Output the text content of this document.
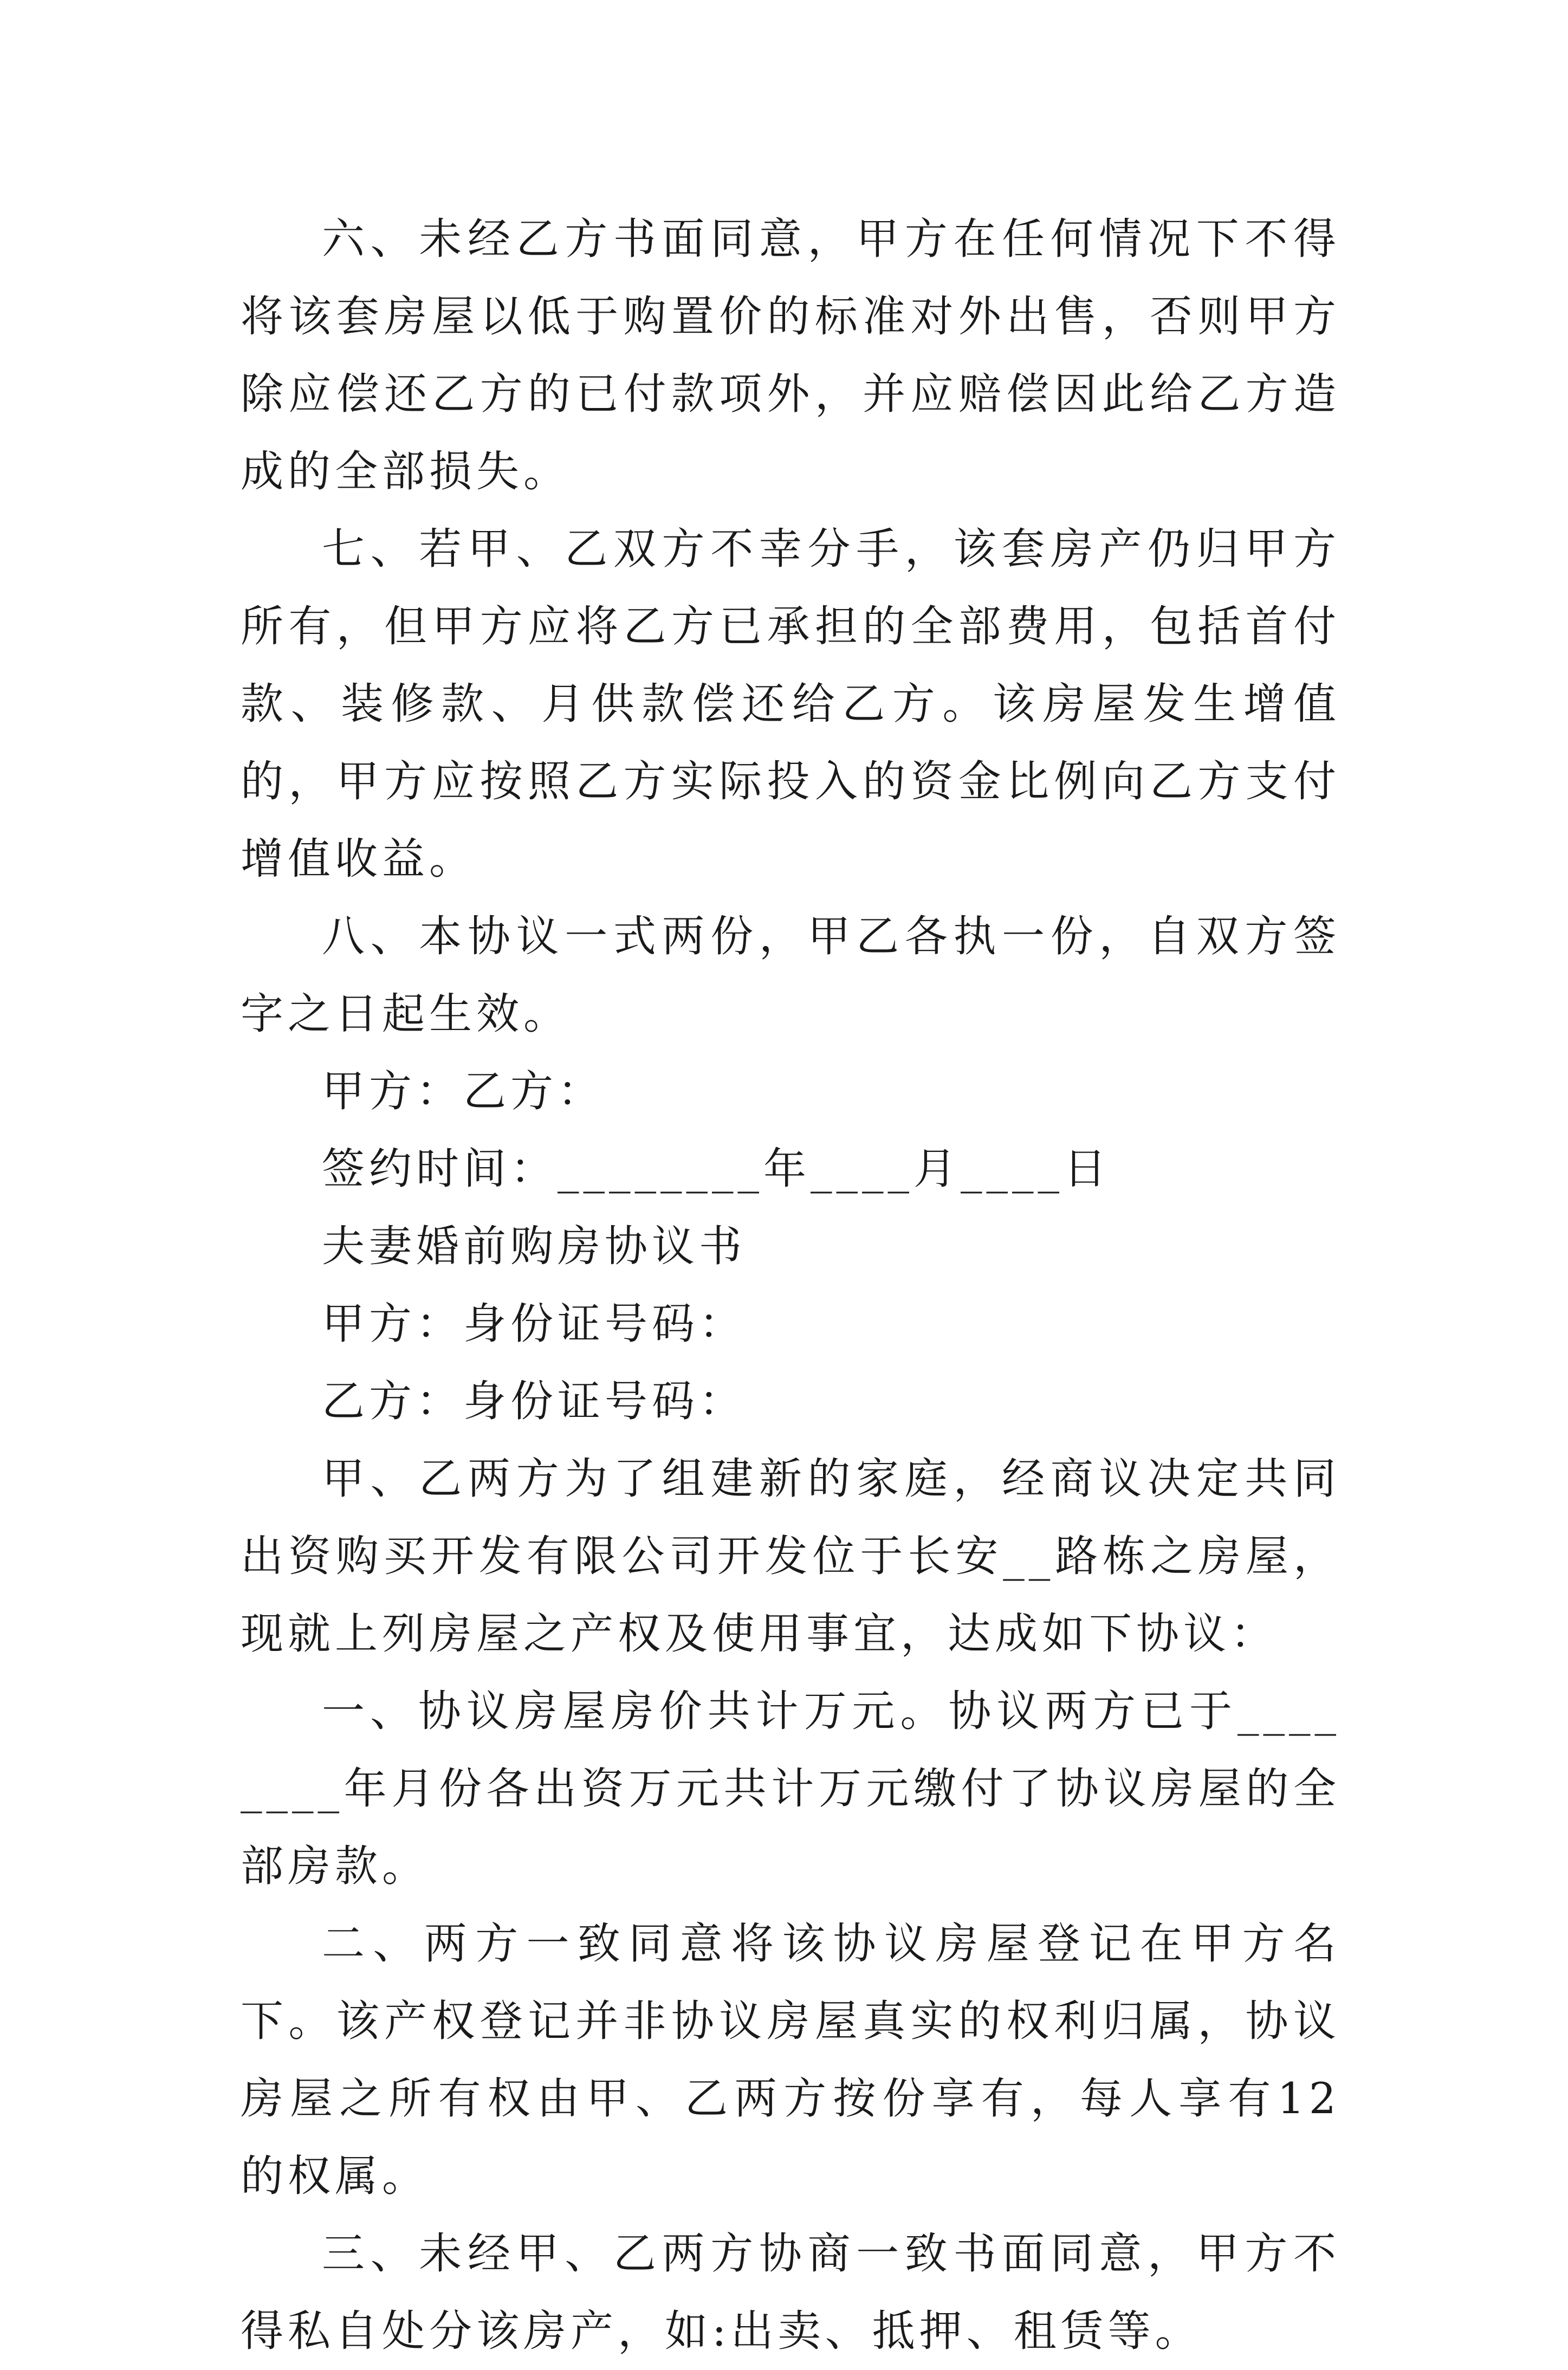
六、未经乙方书面同意，甲方在任何情况下不得将该套房屋以低于购置价的标准对外出售，否则甲方除应偿还乙方的已付款项外，并应赔偿因此给乙方造成的全部损失。

七、若甲、乙双方不幸分手，该套房产仍归甲方所有，但甲方应将乙方已承担的全部费用，包括首付款、装修款、月供款偿还给乙方。该房屋发生增值的，甲方应按照乙方实际投入的资金比例向乙方支付增值收益。

八、本协议一式两份，甲乙各执一份，自双方签字之日起生效。

甲方：乙方：

签约时间：________年____月____日

夫妻婚前购房协议书

甲方：身份证号码：

乙方：身份证号码：

甲、乙两方为了组建新的家庭，经商议决定共同出资购买开发有限公司开发位于长安__路栋之房屋，现就上列房屋之产权及使用事宜，达成如下协议：

一、协议房屋房价共计万元。协议两方已于________年月份各出资万元共计万元缴付了协议房屋的全部房款。

二、两方一致同意将该协议房屋登记在甲方名下。该产权登记并非协议房屋真实的权利归属，协议房屋之所有权由甲、乙两方按份享有，每人享有12的权属。

三、未经甲、乙两方协商一致书面同意，甲方不得私自处分该房产，如:出卖、抵押、租赁等。
